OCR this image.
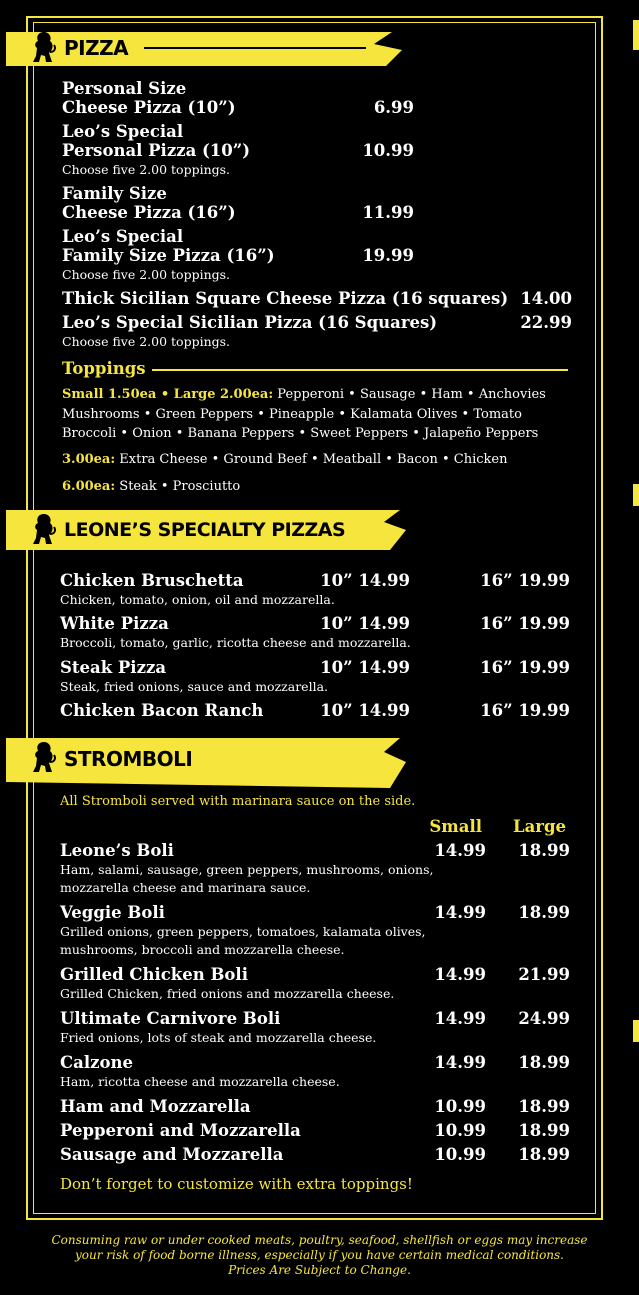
PIZZA
Personal Size
Cheese Pizza (10”)	6.99
Leo’s Special
Personal Pizza (10”)	10.99
Choose five 2.00 toppings.
Family Size
Cheese Pizza (16”)	11.99
Leo’s Special
Family Size Pizza (16”)	19.99
Choose five 2.00 toppings.
Thick Sicilian Square Cheese Pizza (16 squares) 14.00
Leo’s Special Sicilian Pizza (16 Squares)	22.99
Choose five 2.00 toppings.
Toppings
Small 1.50ea • Large 2.00ea: Pepperoni • Sausage • Ham • Anchovies
Mushrooms • Green Peppers • Pineapple • Kalamata Olives • Tomato
Broccoli • Onion • Banana Peppers • Sweet Peppers • Jalapeño Peppers
3.00ea: Extra Cheese • Ground Beef • Meatball • Bacon • Chicken
6.00ea: Steak • Prosciutto
LEONE’S SPECIALTY PIZZAS
Chicken Bruschetta	10” 14.99	16” 19.99
Chicken, tomato, onion, oil and mozzarella.
White Pizza	10” 14.99	16” 19.99
Broccoli, tomato, garlic, ricotta cheese and mozzarella.
Steak Pizza	10” 14.99	16” 19.99
Steak, fried onions, sauce and mozzarella.
Chicken Bacon Ranch	10” 14.99	16” 19.99
STROMBOLI
All Stromboli served with marinara sauce on the side.
Small	Large
Leone’s Boli	14.99	18.99
Ham, salami, sausage, green peppers, mushrooms, onions,
mozzarella cheese and marinara sauce.
Veggie Boli	14.99	18.99
Grilled onions, green peppers, tomatoes, kalamata olives,
mushrooms, broccoli and mozzarella cheese.
Grilled Chicken Boli	14.99	21.99
Grilled Chicken, fried onions and mozzarella cheese.
Ultimate Carnivore Boli	14.99	24.99
Fried onions, lots of steak and mozzarella cheese.
Calzone	14.99	18.99
Ham, ricotta cheese and mozzarella cheese.
Ham and Mozzarella	10.99	18.99
Pepperoni and Mozzarella	10.99	18.99
Sausage and Mozzarella	10.99	18.99
Don’t forget to customize with extra toppings!
Consuming raw or under cooked meats, poultry, seafood, shellfish or eggs may increase
your risk of food borne illness, especially if you have certain medical conditions.
Prices Are Subject to Change.
